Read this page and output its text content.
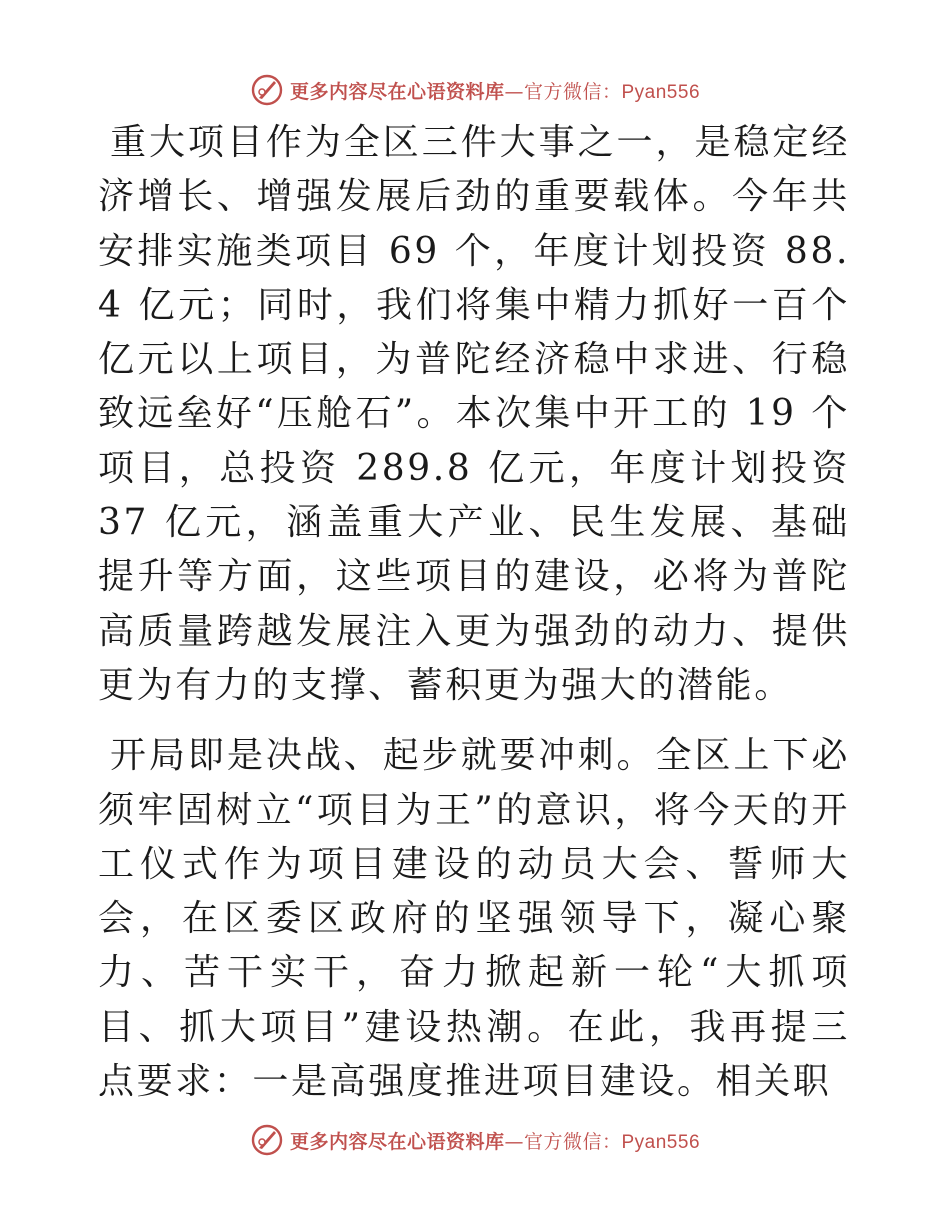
更多内容尽在心语资料库—官方微信：Pyan556

重大项目作为全区三件大事之一，是稳定经济增长、增强发展后劲的重要载体。今年共安排实施类项目 69 个，年度计划投资 88.4 亿元；同时，我们将集中精力抓好一百个亿元以上项目，为普陀经济稳中求进、行稳致远垒好“压舱石”。本次集中开工的 19 个项目，总投资 289.8 亿元，年度计划投资 37 亿元，涵盖重大产业、民生发展、基础提升等方面，这些项目的建设，必将为普陀高质量跨越发展注入更为强劲的动力、提供更为有力的支撑、蓄积更为强大的潜能。

开局即是决战、起步就要冲刺。全区上下必须牢固树立“项目为王”的意识，将今天的开工仪式作为项目建设的动员大会、誓师大会，在区委区政府的坚强领导下，凝心聚力、苦干实干，奋力掀起新一轮“大抓项目、抓大项目”建设热潮。在此，我再提三点要求：一是高强度推进项目建设。相关职

更多内容尽在心语资料库—官方微信：Pyan556
